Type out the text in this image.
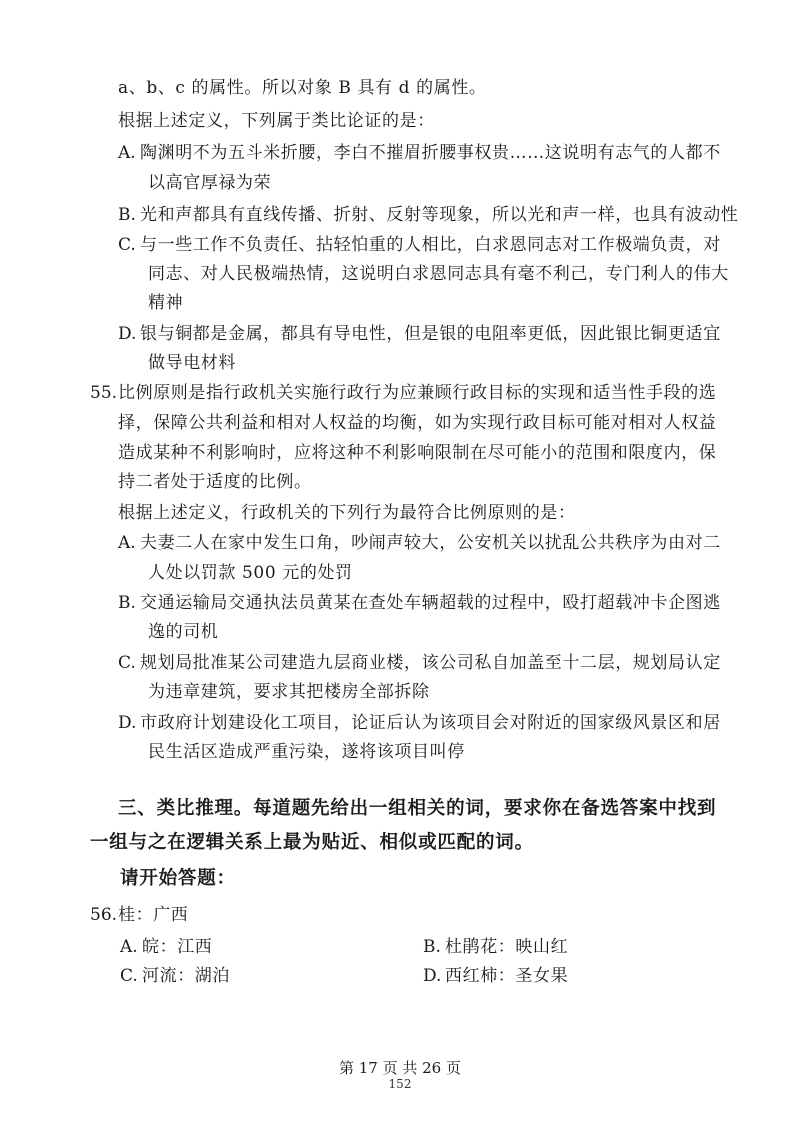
a、b、c 的属性。所以对象 B 具有 d 的属性。
根据上述定义，下列属于类比论证的是：
A. 陶渊明不为五斗米折腰，李白不摧眉折腰事权贵……这说明有志气的人都不
以高官厚禄为荣
B. 光和声都具有直线传播、折射、反射等现象，所以光和声一样，也具有波动性
C. 与一些工作不负责任、拈轻怕重的人相比，白求恩同志对工作极端负责，对
同志、对人民极端热情，这说明白求恩同志具有毫不利己，专门利人的伟大
精神
D. 银与铜都是金属，都具有导电性，但是银的电阻率更低，因此银比铜更适宜
做导电材料
55. 比例原则是指行政机关实施行政行为应兼顾行政目标的实现和适当性手段的选
择，保障公共利益和相对人权益的均衡，如为实现行政目标可能对相对人权益
造成某种不利影响时，应将这种不利影响限制在尽可能小的范围和限度内，保
持二者处于适度的比例。
根据上述定义，行政机关的下列行为最符合比例原则的是：
A. 夫妻二人在家中发生口角，吵闹声较大，公安机关以扰乱公共秩序为由对二
人处以罚款 500 元的处罚
B. 交通运输局交通执法员黄某在查处车辆超载的过程中，殴打超载冲卡企图逃
逸的司机
C. 规划局批准某公司建造九层商业楼，该公司私自加盖至十二层，规划局认定
为违章建筑，要求其把楼房全部拆除
D. 市政府计划建设化工项目，论证后认为该项目会对附近的国家级风景区和居
民生活区造成严重污染，遂将该项目叫停
三、类比推理。每道题先给出一组相关的词，要求你在备选答案中找到
一组与之在逻辑关系上最为贴近、相似或匹配的词。
请开始答题：
56. 桂：广西
A. 皖：江西	B. 杜鹃花：映山红
C. 河流：湖泊	D. 西红柿：圣女果
第 17 页 共 26 页
152
